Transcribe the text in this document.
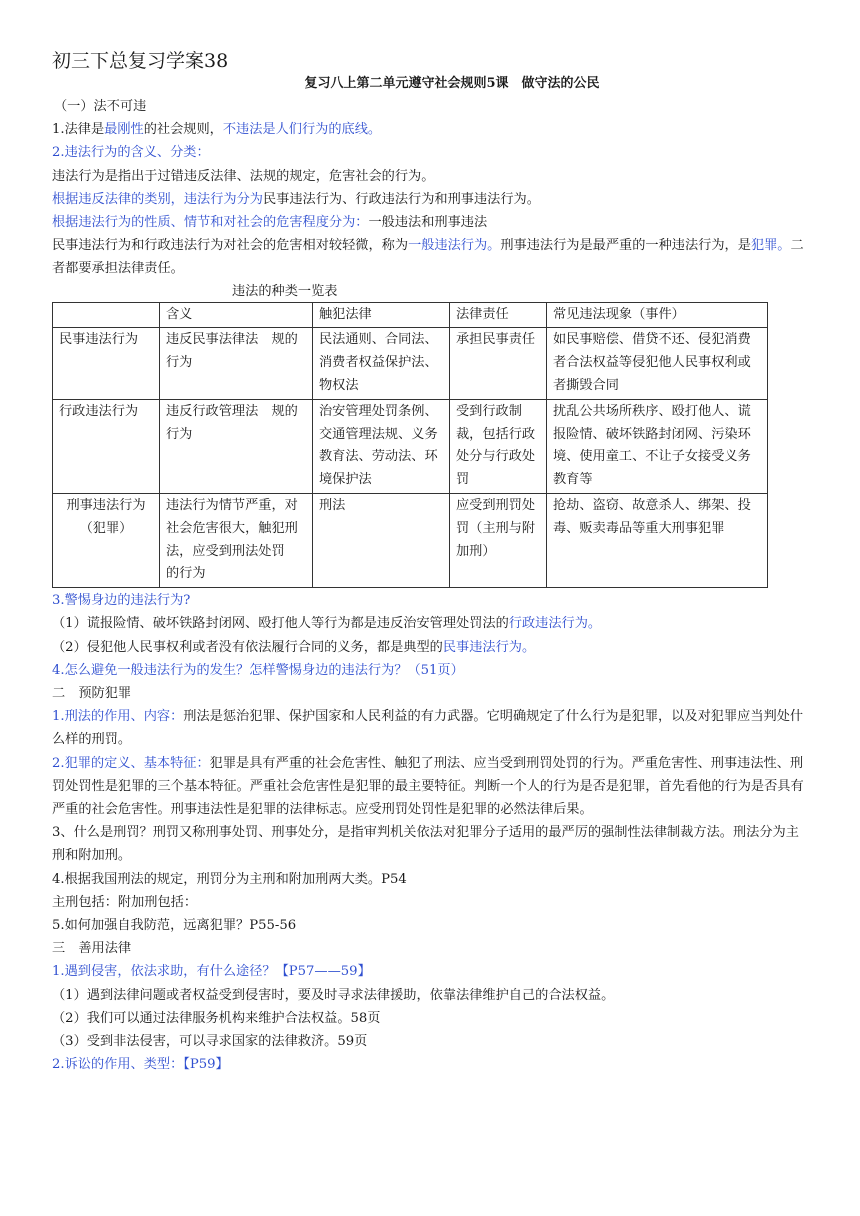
初三下总复习学案38

复习八上第二单元遵守社会规则5课　做守法的公民

（一）法不可违

1.法律是最刚性的社会规则，不违法是人们行为的底线。

2.违法行为的含义、分类：

违法行为是指出于过错违反法律、法规的规定，危害社会的行为。

根据违反法律的类别，违法行为分为民事违法行为、行政违法行为和刑事违法行为。

根据违法行为的性质、情节和对社会的危害程度分为：一般违法和刑事违法

民事违法行为和行政违法行为对社会的危害相对较轻微，称为一般违法行为。刑事违法行为是最严重的一种违法行为，是犯罪。二者都要承担法律责任。

违法的种类一览表

	含义	触犯法律	法律责任	常见违法现象（事件）
民事违法行为	违反民事法律法　规的行为	民法通则、合同法、消费者权益保护法、物权法	承担民事责任	如民事赔偿、借贷不还、侵犯消费者合法权益等侵犯他人民事权利或者撕毁合同
行政违法行为	违反行政管理法　规的行为	治安管理处罚条例、交通管理法规、义务教育法、劳动法、环境保护法	受到行政制裁，包括行政处分与行政处罚	扰乱公共场所秩序、殴打他人、谎报险情、破坏铁路封闭网、污染环境、使用童工、不让子女接受义务教育等
刑事违法行为（犯罪）	违法行为情节严重，对社会危害很大，触犯刑法，应受到刑法处罚　的行为	刑法	应受到刑罚处罚（主刑与附加刑）	抢劫、盗窃、故意杀人、绑架、投毒、贩卖毒品等重大刑事犯罪

3.警惕身边的违法行为?

（1）谎报险情、破坏铁路封闭网、殴打他人等行为都是违反治安管理处罚法的行政违法行为。

（2）侵犯他人民事权利或者没有依法履行合同的义务，都是典型的民事违法行为。

4.怎么避免一般违法行为的发生？怎样警惕身边的违法行为？（51页）

二　预防犯罪

1.刑法的作用、内容：刑法是惩治犯罪、保护国家和人民利益的有力武器。它明确规定了什么行为是犯罪，以及对犯罪应当判处什么样的刑罚。

2.犯罪的定义、基本特征：犯罪是具有严重的社会危害性、触犯了刑法、应当受到刑罚处罚的行为。严重危害性、刑事违法性、刑罚处罚性是犯罪的三个基本特征。严重社会危害性是犯罪的最主要特征。判断一个人的行为是否是犯罪，首先看他的行为是否具有严重的社会危害性。刑事违法性是犯罪的法律标志。应受刑罚处罚性是犯罪的必然法律后果。

3、什么是刑罚？刑罚又称刑事处罚、刑事处分，是指审判机关依法对犯罪分子适用的最严厉的强制性法律制裁方法。刑法分为主刑和附加刑。

4.根据我国刑法的规定，刑罚分为主刑和附加刑两大类。P54

主刑包括：附加刑包括：

5.如何加强自我防范，远离犯罪？P55-56

三　善用法律

1.遇到侵害，依法求助，有什么途径？【P57——59】

（1）遇到法律问题或者权益受到侵害时，要及时寻求法律援助，依靠法律维护自己的合法权益。

（2）我们可以通过法律服务机构来维护合法权益。58页

（3）受到非法侵害，可以寻求国家的法律救济。59页

2.诉讼的作用、类型：【P59】
